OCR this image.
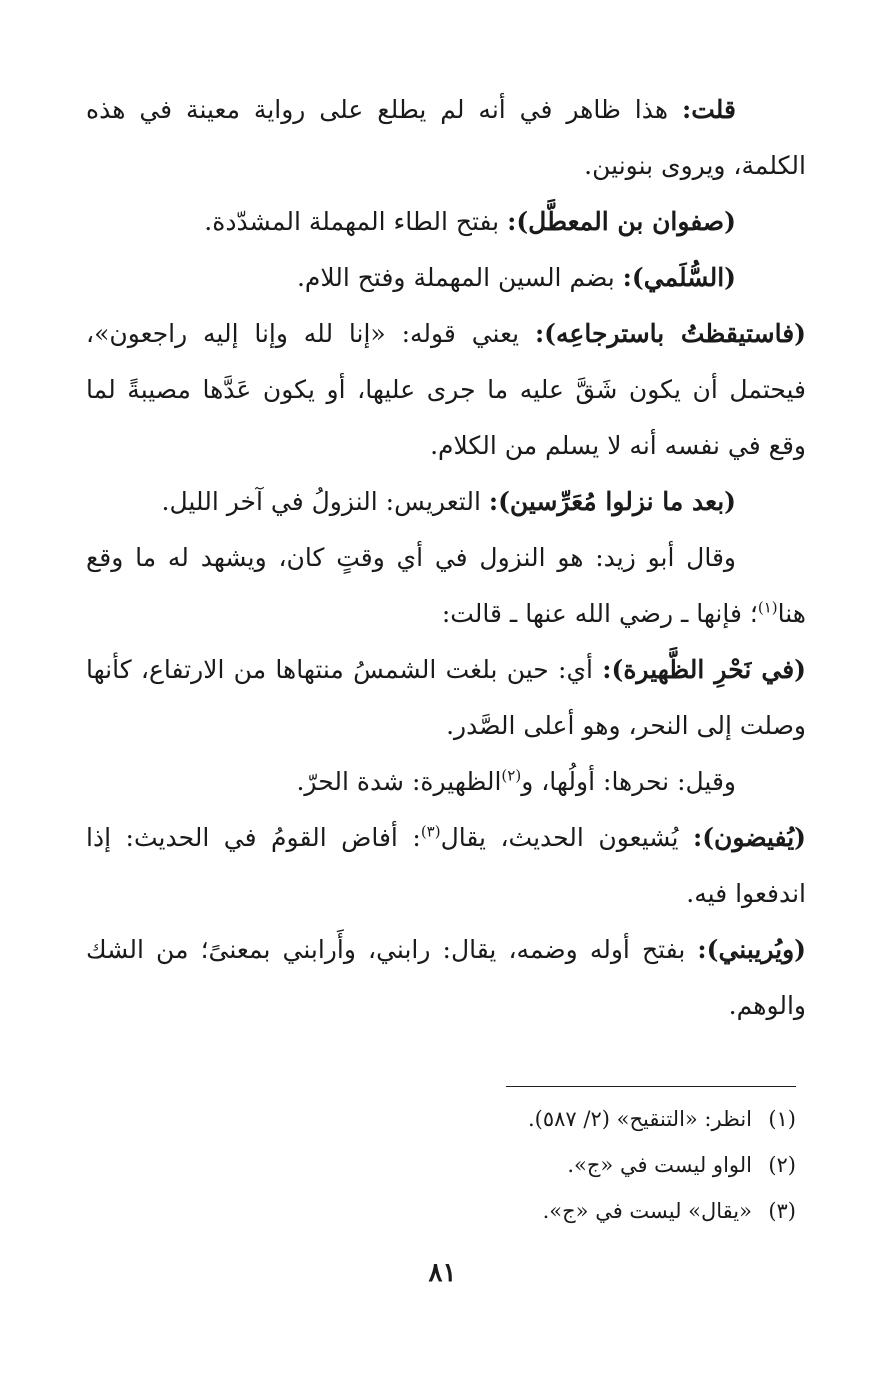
قلت: هذا ظاهر في أنه لم يطلع على رواية معينة في هذه الكلمة، ويروى بنونين.

(صفوان بن المعطَّل): بفتح الطاء المهملة المشدّدة.

(السُّلَمي): بضم السين المهملة وفتح اللام.

(فاستيقظتُ باسترجاعِه): يعني قوله: «إنا لله وإنا إليه راجعون»، فيحتمل أن يكون شَقَّ عليه ما جرى عليها، أو يكون عَدَّها مصيبةً لما وقع في نفسه أنه لا يسلم من الكلام.

(بعد ما نزلوا مُعَرِّسين): التعريس: النزولُ في آخر الليل.

وقال أبو زيد: هو النزول في أي وقتٍ كان، ويشهد له ما وقع هنا$^{(١)}$؛ فإنها ـ رضي الله عنها ـ قالت:

(في نَحْرِ الظَّهيرة): أي: حين بلغت الشمسُ منتهاها من الارتفاع، كأنها وصلت إلى النحر، وهو أعلى الصَّدر.

وقيل: نحرها: أولُها، و$^{(٢)}$الظهيرة: شدة الحرّ.

(يُفيضون): يُشيعون الحديث، يقال$^{(٣)}$: أفاض القومُ في الحديث: إذا اندفعوا فيه.

(ويُريبني): بفتح أوله وضمه، يقال: رابني، وأَرابني بمعنىً؛ من الشك والوهم.

(١)انظر: «التنقيح» (٢/ ٥٨٧).

(٢)الواو ليست في «ج».

(٣)«يقال» ليست في «ج».

٨١
